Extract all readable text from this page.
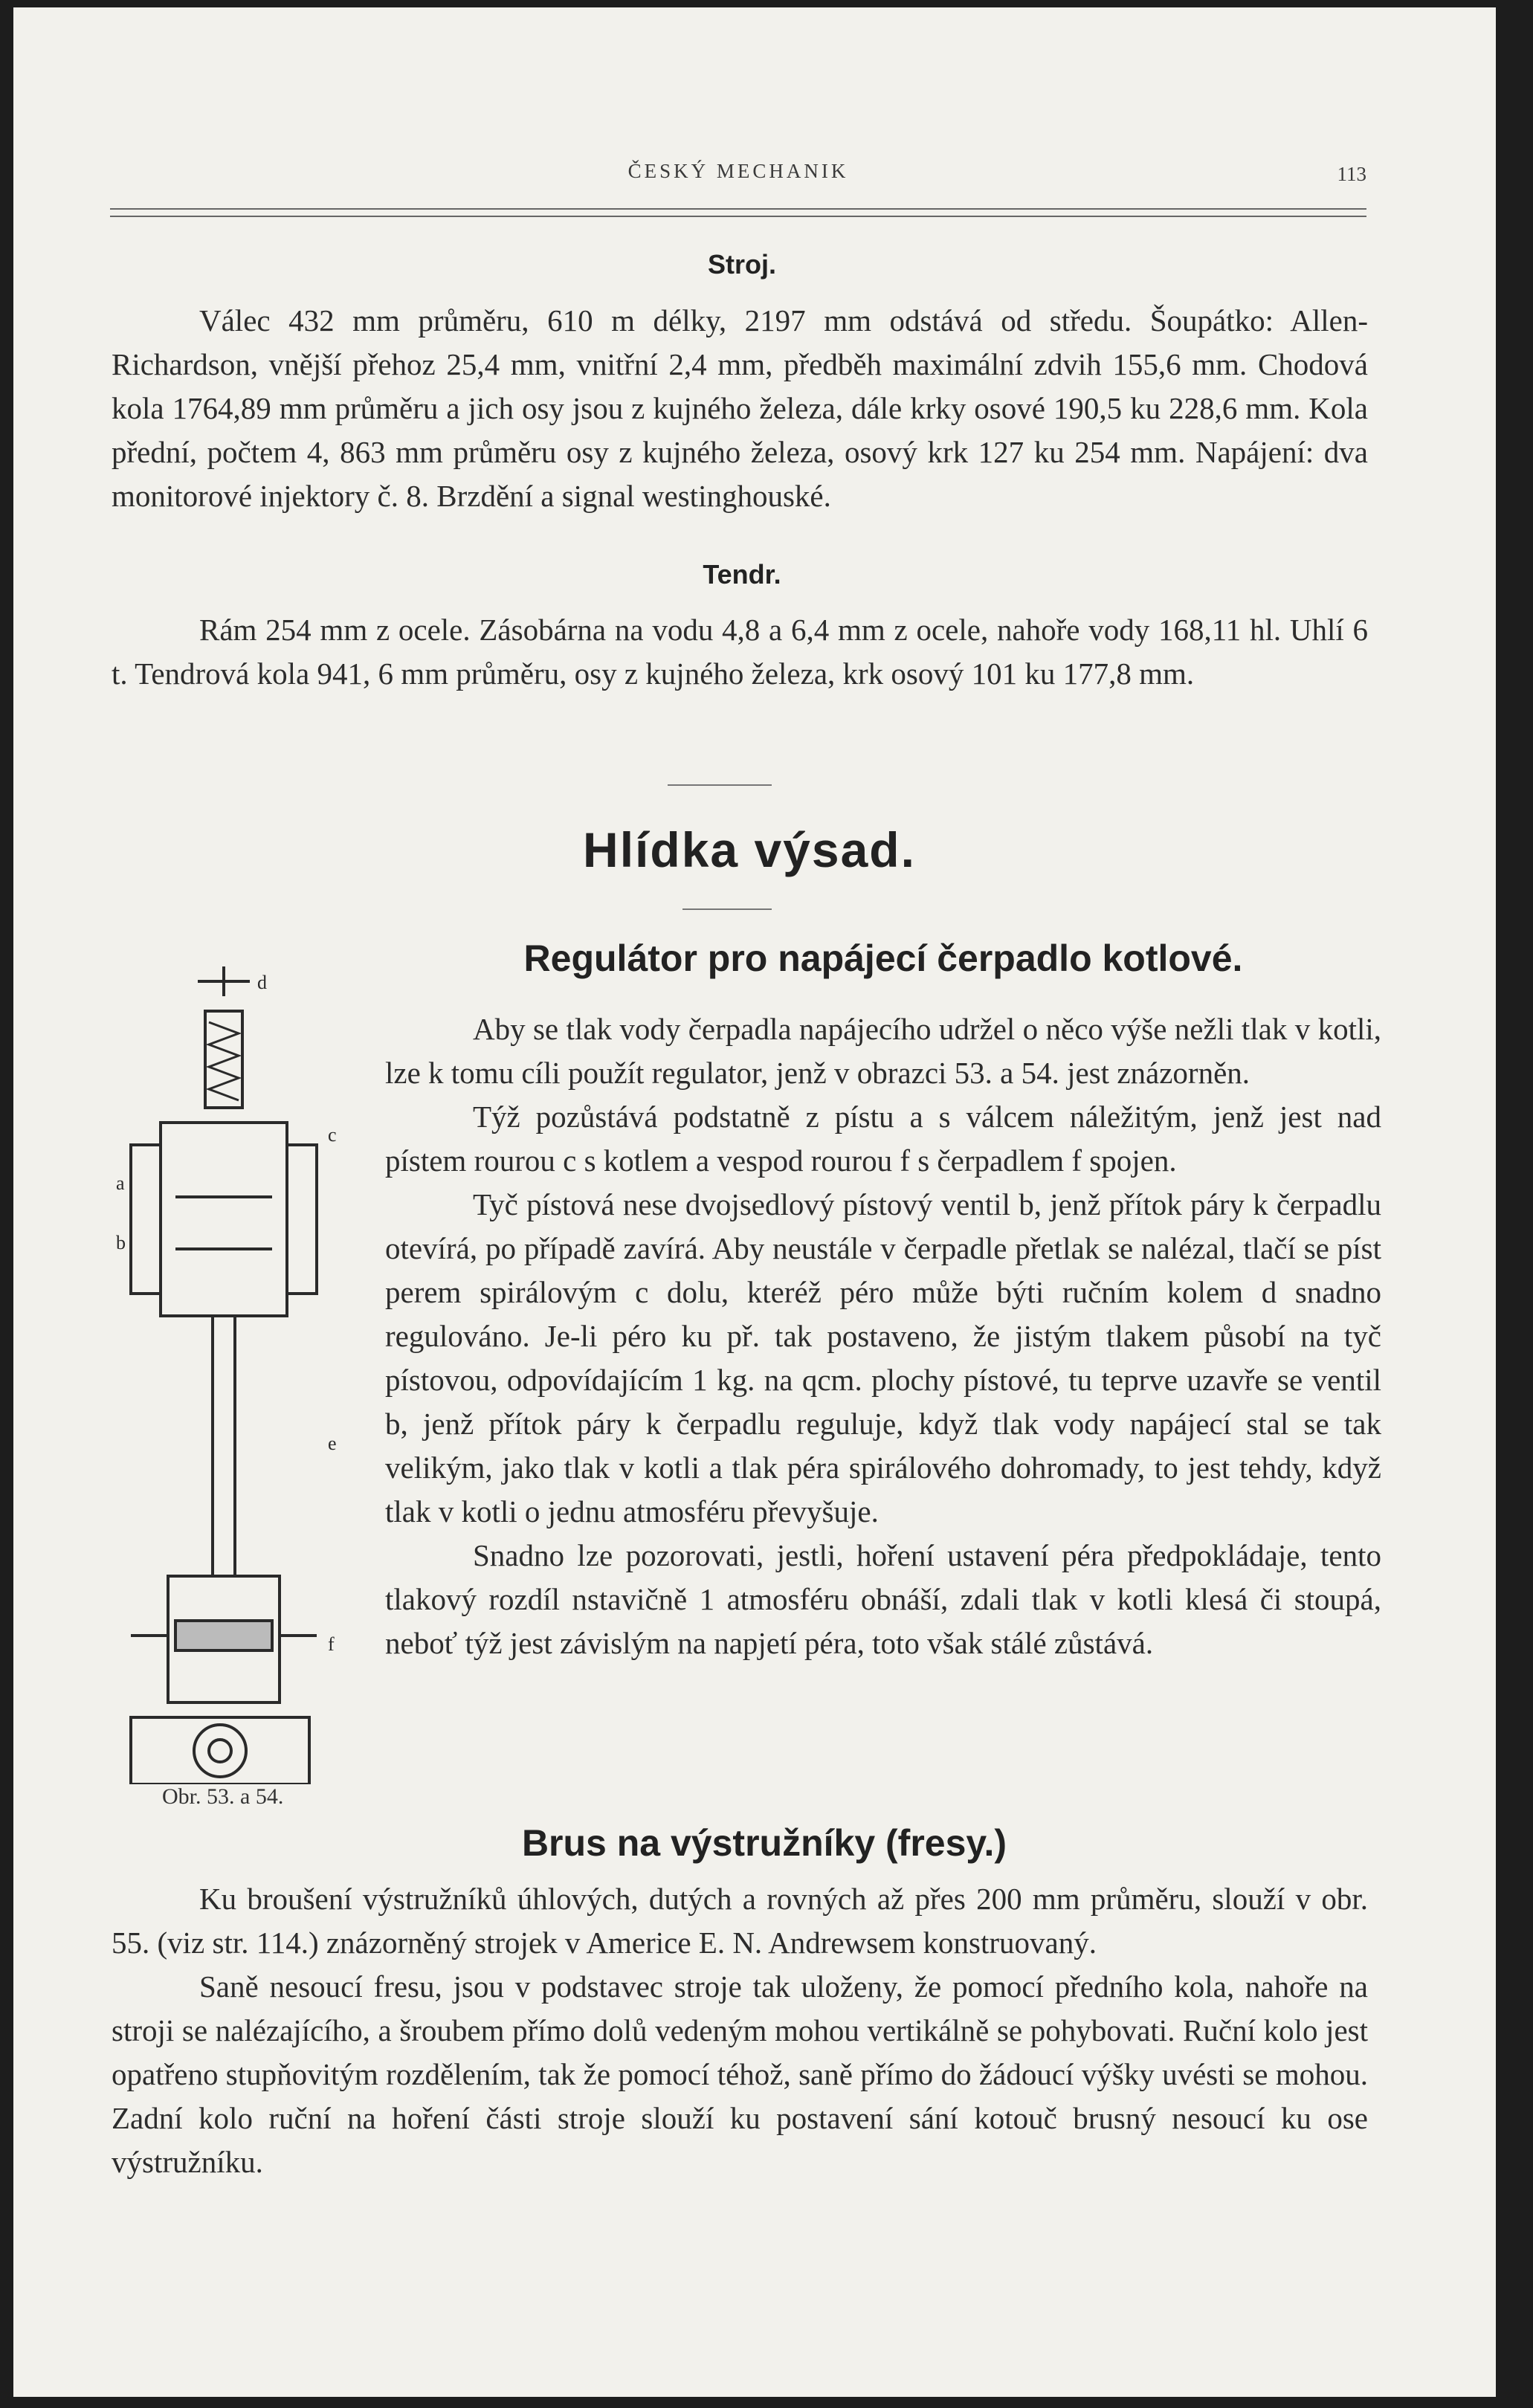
ČESKÝ MECHANIK	113
Stroj.

Válec 432 mm průměru, 610 m délky, 2197 mm odstává od středu. Šoupátko: Allen-Richardson, vnější přehoz 25,4 mm, vnitřní 2,4 mm, předběh maximální zdvih 155,6 mm. Chodová kola 1764,89 mm průměru a jich osy jsou z kujného železa, dále krky osové 190,5 ku 228,6 mm. Kola přední, počtem 4, 863 mm průměru osy z kujného železa, osový krk 127 ku 254 mm. Napájení: dva monitorové injektory č. 8. Brzdění a signal westinghouské.

Tendr.

Rám 254 mm z ocele. Zásobárna na vodu 4,8 a 6,4 mm z ocele, nahoře vody 168,11 hl. Uhlí 6 t. Tendrová kola 941, 6 mm průměru, osy z kujného železa, krk osový 101 ku 177,8 mm.

Hlídka výsad.
Regulátor pro napájecí čerpadlo kotlové.
c
e
f
a
b
d
Obr. 53. a 54.

Aby se tlak vody čerpadla napájecího udržel o něco výše nežli tlak v kotli, lze k tomu cíli použít regulator, jenž v obrazci 53. a 54. jest znázorněn.

Týž pozůstává podstatně z pístu a s válcem náležitým, jenž jest nad pístem rourou c s kotlem a vespod rourou f s čerpadlem f spojen.

Tyč pístová nese dvojsedlový pístový ventil b, jenž přítok páry k čerpadlu otevírá, po případě zavírá. Aby neustále v čerpadle přetlak se nalézal, tlačí se píst perem spirálovým c dolu, kteréž péro může býti ručním kolem d snadno regulováno. Je-li péro ku př. tak postaveno, že jistým tlakem působí na tyč pístovou, odpovídajícím 1 kg. na qcm. plochy pístové, tu teprve uzavře se ventil b, jenž přítok páry k čerpadlu reguluje, když tlak vody napájecí stal se tak velikým, jako tlak v kotli a tlak péra spirálového dohromady, to jest tehdy, když tlak v kotli o jednu atmosféru převyšuje.

Snadno lze pozorovati, jestli, hoření ustavení péra předpokládaje, tento tlakový rozdíl nstavičně 1 atmosféru obnáší, zdali tlak v kotli klesá či stoupá, neboť týž jest závislým na napjetí péra, toto však stálé zůstává.

Brus na výstružníky (fresy.)

Ku broušení výstružníků úhlových, dutých a rovných až přes 200 mm průměru, slouží v obr. 55. (viz str. 114.) znázorněný strojek v Americe E. N. Andrewsem konstruovaný.

Saně nesoucí fresu, jsou v podstavec stroje tak uloženy, že pomocí předního kola, nahoře na stroji se nalézajícího, a šroubem přímo dolů vedeným mohou vertikálně se pohybovati. Ruční kolo jest opatřeno stupňovitým rozdělením, tak že pomocí téhož, saně přímo do žádoucí výšky uvésti se mohou. Zadní kolo ruční na hoření části stroje slouží ku postavení sání kotouč brusný nesoucí ku ose výstružníku.
